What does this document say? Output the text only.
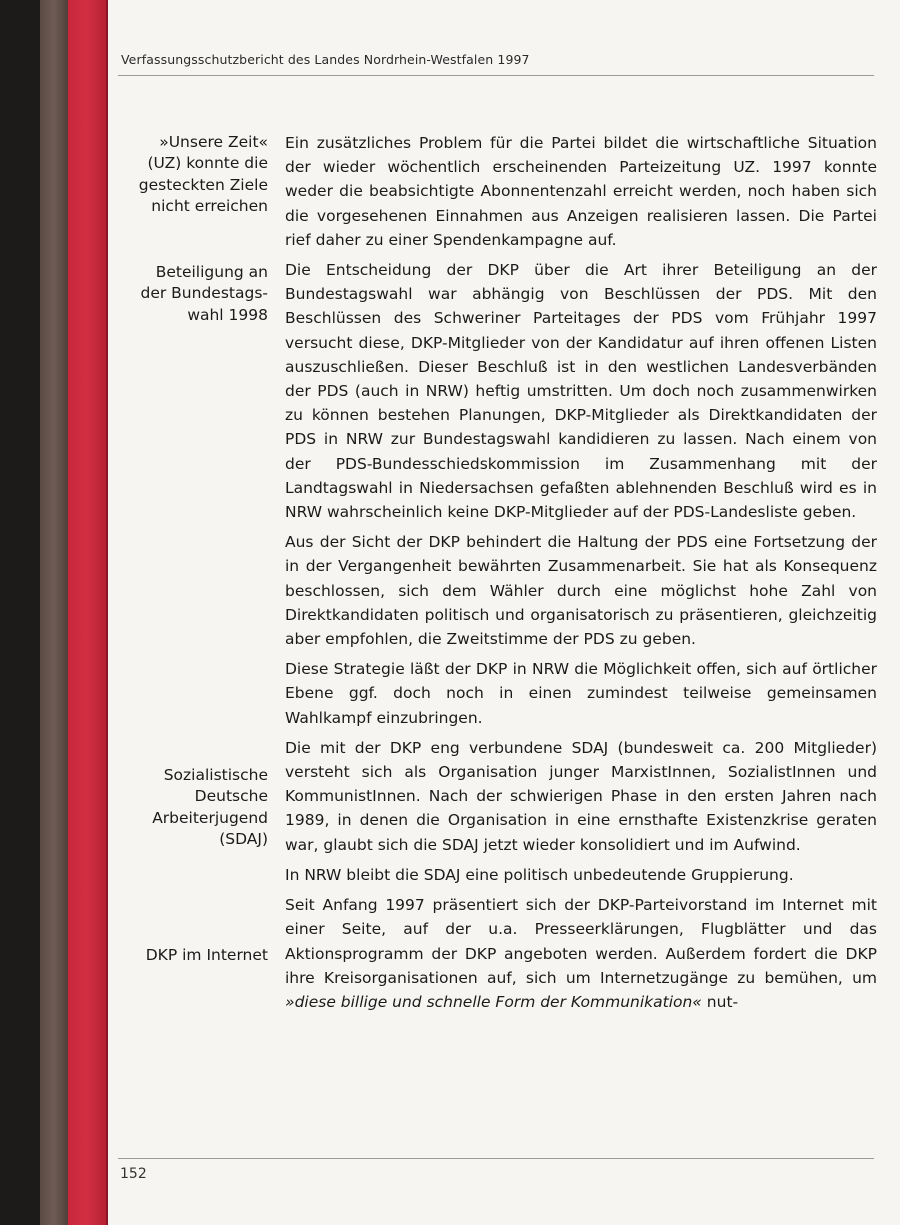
Verfassungsschutzbericht des Landes Nordrhein-Westfalen 1997
»Unsere Zeit«
(UZ) konnte die
gesteckten Ziele
nicht erreichen
Beteiligung an
der Bundestags-
wahl 1998
Sozialistische
Deutsche
Arbeiterjugend
(SDAJ)
DKP im Internet

Ein zusätzliches Problem für die Partei bildet die wirtschaftliche Situation der wieder wöchentlich erscheinenden Parteizeitung UZ. 1997 konnte weder die beabsichtigte Abonnentenzahl erreicht werden, noch haben sich die vorgesehenen Einnahmen aus Anzeigen realisieren lassen. Die Partei rief daher zu einer Spendenkampagne auf.

Die Entscheidung der DKP über die Art ihrer Beteiligung an der Bundestagswahl war abhängig von Beschlüssen der PDS. Mit den Beschlüssen des Schweriner Parteitages der PDS vom Frühjahr 1997 versucht diese, DKP-Mitglieder von der Kandidatur auf ihren offenen Listen auszuschließen. Dieser Beschluß ist in den westlichen Landesverbänden der PDS (auch in NRW) heftig umstritten. Um doch noch zusammenwirken zu können bestehen Planungen, DKP-Mitglieder als Direktkandidaten der PDS in NRW zur Bundestagswahl kandidieren zu lassen. Nach einem von der PDS-Bundesschiedskommission im Zusammenhang mit der Landtagswahl in Niedersachsen gefaßten ablehnenden Beschluß wird es in NRW wahrscheinlich keine DKP-Mitglieder auf der PDS-Landesliste geben.

Aus der Sicht der DKP behindert die Haltung der PDS eine Fortsetzung der in der Vergangenheit bewährten Zusammenarbeit. Sie hat als Konsequenz beschlossen, sich dem Wähler durch eine möglichst hohe Zahl von Direktkandidaten politisch und organisatorisch zu präsentieren, gleichzeitig aber empfohlen, die Zweitstimme der PDS zu geben.

Diese Strategie läßt der DKP in NRW die Möglichkeit offen, sich auf örtlicher Ebene ggf. doch noch in einen zumindest teilweise gemeinsamen Wahlkampf einzubringen.

Die mit der DKP eng verbundene SDAJ (bundesweit ca. 200 Mitglieder) versteht sich als Organisation junger MarxistInnen, SozialistInnen und KommunistInnen. Nach der schwierigen Phase in den ersten Jahren nach 1989, in denen die Organisation in eine ernsthafte Existenzkrise geraten war, glaubt sich die SDAJ jetzt wieder konsolidiert und im Aufwind.

In NRW bleibt die SDAJ eine politisch unbedeutende Gruppierung.

Seit Anfang 1997 präsentiert sich der DKP-Parteivorstand im Internet mit einer Seite, auf der u.a. Presseerklärungen, Flugblätter und das Aktionsprogramm der DKP angeboten werden. Außerdem fordert die DKP ihre Kreisorganisationen auf, sich um Internetzugänge zu bemühen, um »diese billige und schnelle Form der Kommunikation« nut-

152
